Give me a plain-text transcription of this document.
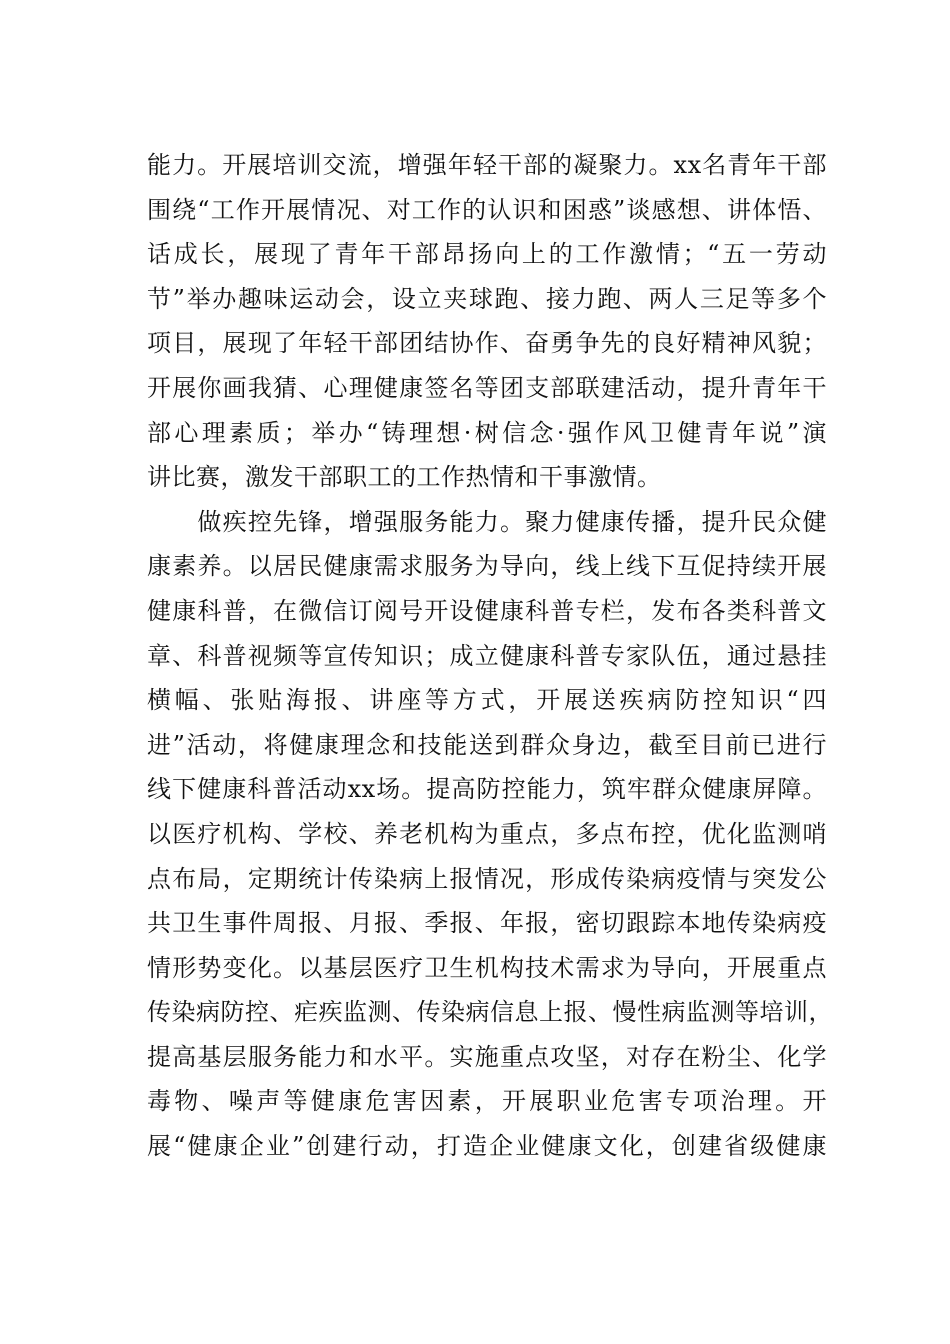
能力。开展培训交流，增强年轻干部的凝聚力。xx名青年干部
围绕“工作开展情况、对工作的认识和困惑”谈感想、讲体悟、
话成长，展现了青年干部昂扬向上的工作激情；“五一劳动
节”举办趣味运动会，设立夹球跑、接力跑、两人三足等多个
项目，展现了年轻干部团结协作、奋勇争先的良好精神风貌；
开展你画我猜、心理健康签名等团支部联建活动，提升青年干
部心理素质；举办“铸理想·树信念·强作风卫健青年说”演
讲比赛，激发干部职工的工作热情和干事激情。
　　做疾控先锋，增强服务能力。聚力健康传播，提升民众健
康素养。以居民健康需求服务为导向，线上线下互促持续开展
健康科普，在微信订阅号开设健康科普专栏，发布各类科普文
章、科普视频等宣传知识；成立健康科普专家队伍，通过悬挂
横幅、张贴海报、讲座等方式，开展送疾病防控知识“四
进”活动，将健康理念和技能送到群众身边，截至目前已进行
线下健康科普活动xx场。提高防控能力，筑牢群众健康屏障。
以医疗机构、学校、养老机构为重点，多点布控，优化监测哨
点布局，定期统计传染病上报情况，形成传染病疫情与突发公
共卫生事件周报、月报、季报、年报，密切跟踪本地传染病疫
情形势变化。以基层医疗卫生机构技术需求为导向，开展重点
传染病防控、疟疾监测、传染病信息上报、慢性病监测等培训，
提高基层服务能力和水平。实施重点攻坚，对存在粉尘、化学
毒物、噪声等健康危害因素，开展职业危害专项治理。开
展“健康企业”创建行动，打造企业健康文化，创建省级健康
